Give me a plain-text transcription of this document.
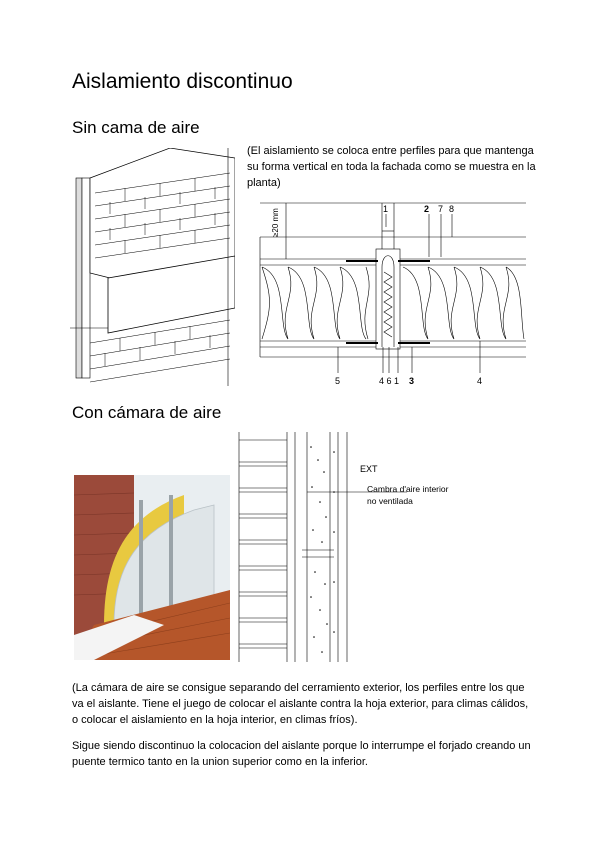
Aislamiento discontinuo
Sin cama de aire

(El aislamiento se coloca entre perfiles para que mantenga su forma vertical en toda la fachada como se muestra en la planta)

≥20 mm	1	2 7 8
5	4 6 1 3	4
Con cámara de aire
EXT
Cambra d'aire interior
no ventilada

(La cámara de aire se consigue separando del cerramiento exterior, los perfiles entre los que va el aislante. Tiene el juego de colocar el aislante contra la hoja exterior, para climas cálidos, o colocar el aislamiento en la hoja interior, en climas fríos).

Sigue siendo discontinuo la colocacion del aislante porque lo interrumpe el forjado creando un puente termico tanto en la union superior como en la inferior.
